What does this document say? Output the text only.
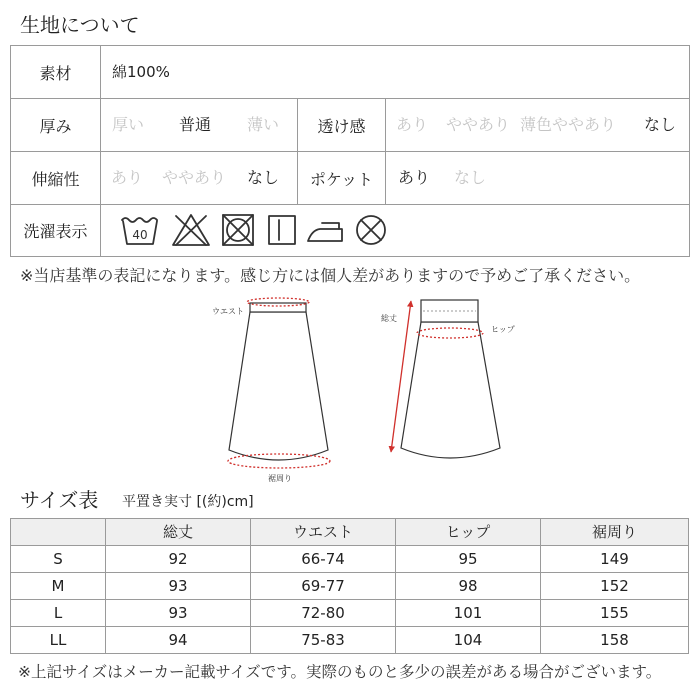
生地について
素材	綿100%
厚み	厚い	普通	薄い	透け感	あり	ややあり 薄色ややあり	なし
伸縮性	あり	ややあり	なし	ポケット	あり	なし
洗濯表示	40
※当店基準の表記になります。感じ方には個人差がありますので予めご了承ください。
ウエスト
裾周り
総丈
ヒップ
サイズ表 平置き実寸 [(約)cm]
	総丈	ウエスト	ヒップ	裾周り
S	92	66-74	95	149
M	93	69-77	98	152
L	93	72-80	101	155
LL	94	75-83	104	158
※上記サイズはメーカー記載サイズです。実際のものと多少の誤差がある場合がございます。
